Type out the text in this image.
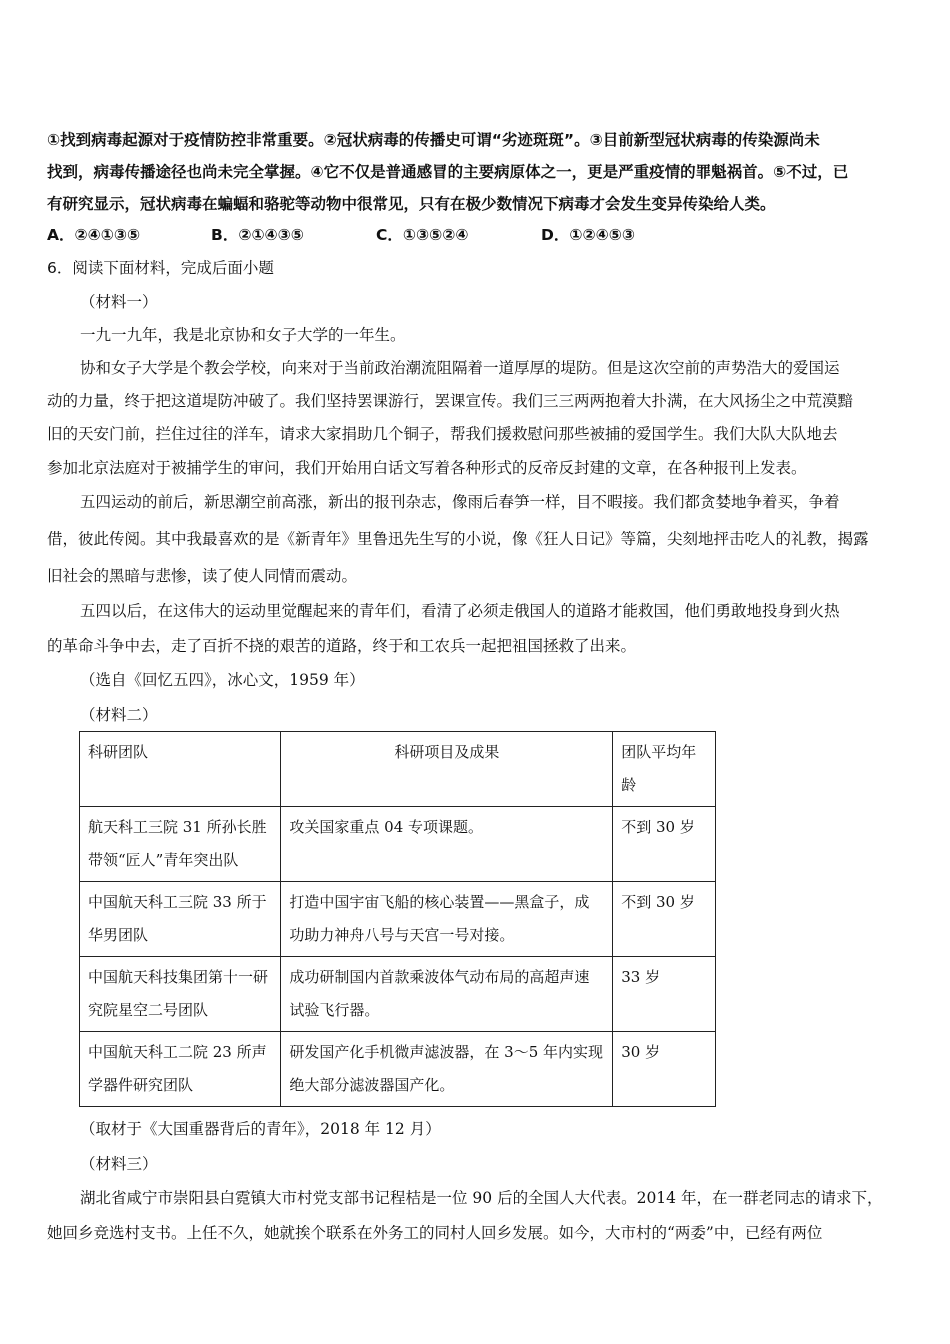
①找到病毒起源对于疫情防控非常重要。②冠状病毒的传播史可谓“劣迹斑斑”。③目前新型冠状病毒的传染源尚未
找到，病毒传播途径也尚未完全掌握。④它不仅是普通感冒的主要病原体之一，更是严重疫情的罪魁祸首。⑤不过，已
有研究显示，冠状病毒在蝙蝠和骆驼等动物中很常见，只有在极少数情况下病毒才会发生变异传染给人类。
A．②④①③⑤	B．②①④③⑤	C．①③⑤②④	D．①②④⑤③
6．阅读下面材料，完成后面小题
（材料一）
一九一九年，我是北京协和女子大学的一年生。
协和女子大学是个教会学校，向来对于当前政治潮流阻隔着一道厚厚的堤防。但是这次空前的声势浩大的爱国运
动的力量，终于把这道堤防冲破了。我们坚持罢课游行，罢课宣传。我们三三两两抱着大扑满，在大风扬尘之中荒漠黯
旧的天安门前，拦住过往的洋车，请求大家捐助几个铜子，帮我们援救慰问那些被捕的爱国学生。我们大队大队地去
参加北京法庭对于被捕学生的审问，我们开始用白话文写着各种形式的反帝反封建的文章，在各种报刊上发表。
五四运动的前后，新思潮空前高涨，新出的报刊杂志，像雨后春笋一样，目不暇接。我们都贪婪地争着买，争着
借，彼此传阅。其中我最喜欢的是《新青年》里鲁迅先生写的小说，像《狂人日记》等篇，尖刻地抨击吃人的礼教，揭露
旧社会的黑暗与悲惨，读了使人同情而震动。
五四以后，在这伟大的运动里觉醒起来的青年们，看清了必须走俄国人的道路才能救国，他们勇敢地投身到火热
的革命斗争中去，走了百折不挠的艰苦的道路，终于和工农兵一起把祖国拯救了出来。
（选自《回忆五四》，冰心文，1959 年）
（材料二）
科研团队	科研项目及成果	团队平均年龄
航天科工三院 31 所孙长胜带领“匠人”青年突出队	攻关国家重点 04 专项课题。	不到 30 岁
中国航天科工三院 33 所于华男团队	打造中国宇宙飞船的核心装置——黑盒子，成功助力神舟八号与天宫一号对接。	不到 30 岁
中国航天科技集团第十一研究院星空二号团队	成功研制国内首款乘波体气动布局的高超声速试验飞行器。	33 岁
中国航天科工二院 23 所声学器件研究团队	研发国产化手机微声滤波器，在 3～5 年内实现绝大部分滤波器国产化。	30 岁
（取材于《大国重器背后的青年》，2018 年 12 月）
（材料三）
湖北省咸宁市崇阳县白霓镇大市村党支部书记程桔是一位 90 后的全国人大代表。2014 年，在一群老同志的请求下，
她回乡竞选村支书。上任不久，她就挨个联系在外务工的同村人回乡发展。如今，大市村的“两委”中，已经有两位
